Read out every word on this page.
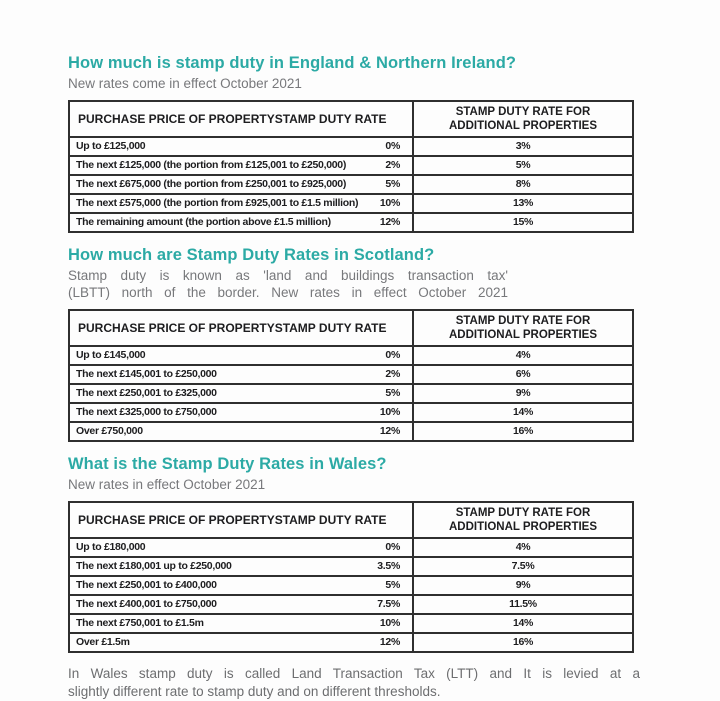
How much is stamp duty in England & Northern Ireland?
New rates come in effect October 2021
PURCHASE PRICE OF PROPERTYSTAMP DUTY RATE	STAMP DUTY RATE FOR
ADDITIONAL PROPERTIES

Up to £125,000 0%	3%

The next £125,000 (the portion from £125,001 to £250,000) 2%	5%

The next £675,000 (the portion from £250,001 to £925,000) 5%	8%

The next £575,000 (the portion from £925,001 to £1.5 million) 10%	13%

The remaining amount (the portion above £1.5 million) 12%	15%
How much are Stamp Duty Rates in Scotland?
Stamp duty is known as 'land and buildings transaction tax'
(LBTT) north of the border. New rates in effect October 2021
PURCHASE PRICE OF PROPERTYSTAMP DUTY RATE	STAMP DUTY RATE FOR
ADDITIONAL PROPERTIES

Up to £145,000 0%	4%

The next £145,001 to £250,000 2%	6%

The next £250,001 to £325,000 5%	9%

The next £325,000 to £750,000 10%	14%

Over £750,000 12%	16%
What is the Stamp Duty Rates in Wales?
New rates in effect October 2021
PURCHASE PRICE OF PROPERTYSTAMP DUTY RATE	STAMP DUTY RATE FOR
ADDITIONAL PROPERTIES

Up to £180,000 0%	4%

The next £180,001 up to £250,000 3.5%	7.5%

The next £250,001 to £400,000 5%	9%

The next £400,001 to £750,000 7.5%	11.5%

The next £750,001 to £1.5m 10%	14%

Over £1.5m 12%	16%
In Wales stamp duty is called Land Transaction Tax (LTT) and It is levied at a
slightly different rate to stamp duty and on different thresholds.
